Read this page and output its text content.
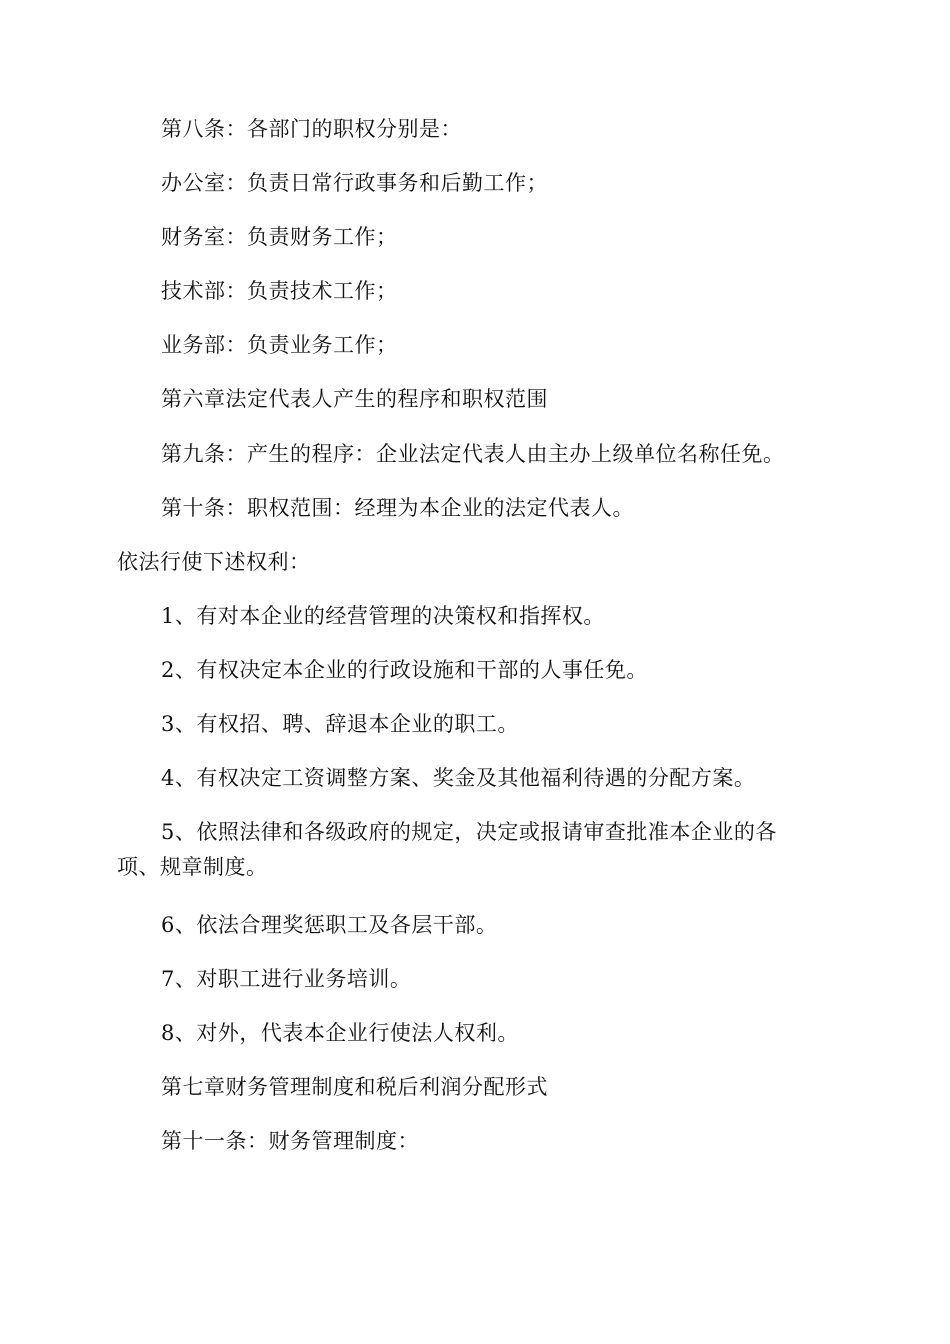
第八条：各部门的职权分别是：

办公室：负责日常行政事务和后勤工作；

财务室：负责财务工作；

技术部：负责技术工作；

业务部：负责业务工作；

第六章法定代表人产生的程序和职权范围

第九条：产生的程序：企业法定代表人由主办上级单位名称任免。

第十条：职权范围：经理为本企业的法定代表人。

依法行使下述权利：

1、有对本企业的经营管理的决策权和指挥权。

2、有权决定本企业的行政设施和干部的人事任免。

3、有权招、聘、辞退本企业的职工。

4、有权决定工资调整方案、奖金及其他福利待遇的分配方案。

5、依照法律和各级政府的规定，决定或报请审查批准本企业的各项、规章制度。

6、依法合理奖惩职工及各层干部。

7、对职工进行业务培训。

8、对外，代表本企业行使法人权利。

第七章财务管理制度和税后利润分配形式

第十一条：财务管理制度：
